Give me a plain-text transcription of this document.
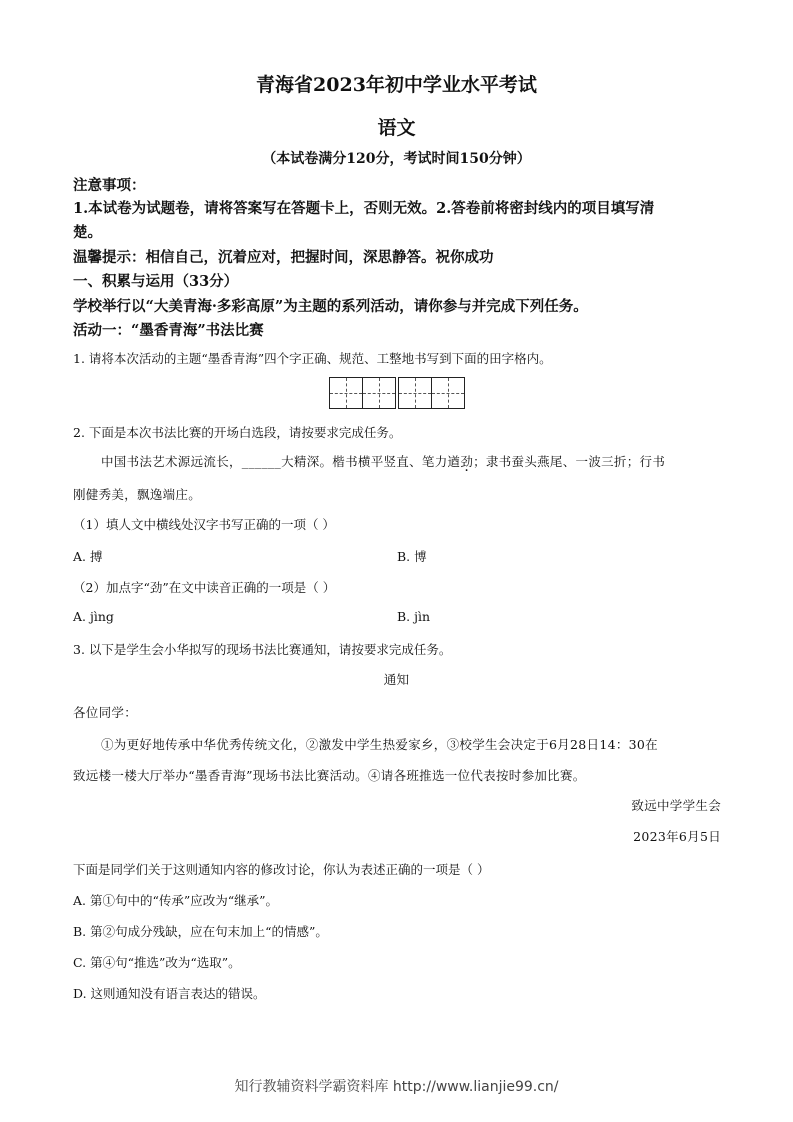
青海省2023年初中学业水平考试
语文
（本试卷满分120分，考试时间150分钟）
注意事项：
1.本试卷为试题卷，请将答案写在答题卡上，否则无效。2.答卷前将密封线内的项目填写清
楚。
温馨提示：相信自己，沉着应对，把握时间，深思静答。祝你成功
一、积累与运用（33分）
学校举行以“大美青海·多彩高原”为主题的系列活动，请你参与并完成下列任务。
活动一：“墨香青海”书法比赛
1. 请将本次活动的主题“墨香青海”四个字正确、规范、工整地书写到下面的田字格内。
2. 下面是本次书法比赛的开场白选段，请按要求完成任务。
中国书法艺术源远流长，______大精深。楷书横平竖直、笔力遒劲；隶书蚕头燕尾、一波三折；行书
刚健秀美，飘逸端庄。
（1）填人文中横线处汉字书写正确的一项（ ）
A. 搏	B. 博
（2）加点字“劲”在文中读音正确的一项是（ ）
A. jìng	B. jìn
3. 以下是学生会小华拟写的现场书法比赛通知，请按要求完成任务。
通知
各位同学：
①为更好地传承中华优秀传统文化，②激发中学生热爱家乡，③校学生会决定于6月28日14：30在
致远楼一楼大厅举办“墨香青海”现场书法比赛活动。④请各班推选一位代表按时参加比赛。
致远中学学生会
2023年6月5日
下面是同学们关于这则通知内容的修改讨论，你认为表述正确的一项是（ ）
A. 第①句中的“传承”应改为“继承”。
B. 第②句成分残缺，应在句末加上“的情感”。
C. 第④句“推选”改为“选取”。
D. 这则通知没有语言表达的错误。
知行教辅资料学霸资料库 http://www.lianjie99.cn/
